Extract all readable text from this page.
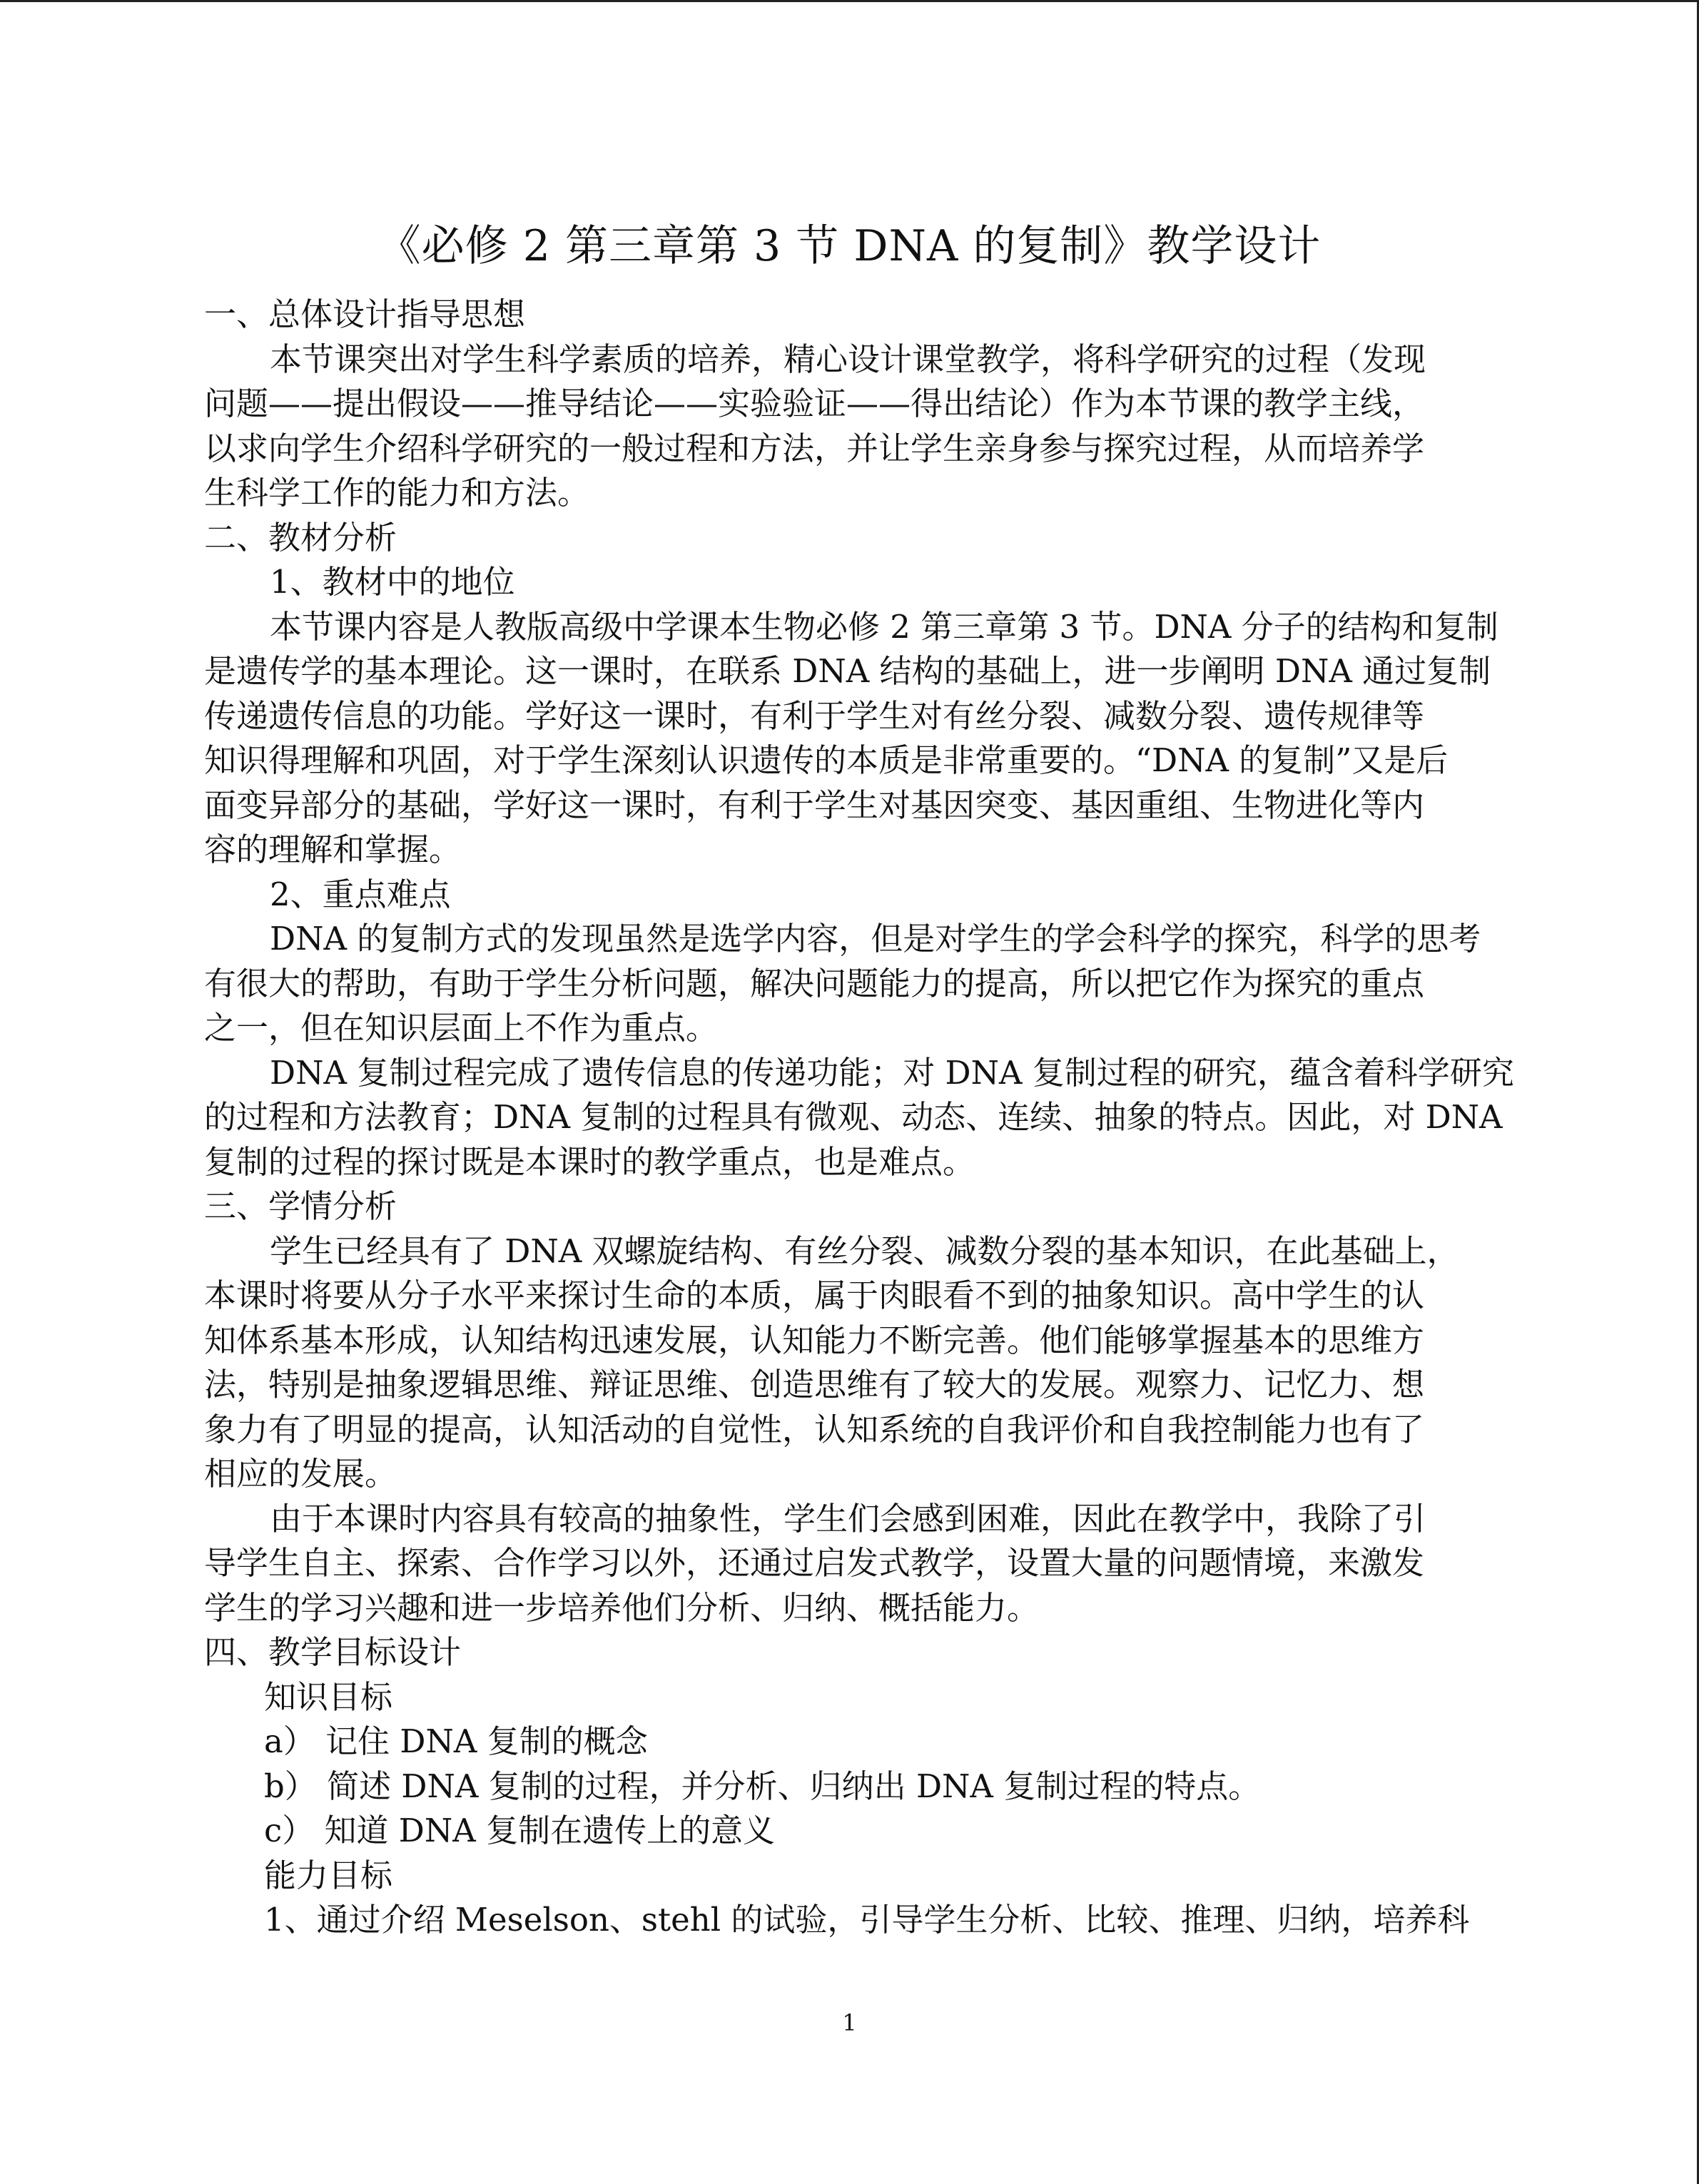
《必修 2 第三章第 3 节 DNA 的复制》教学设计
一、总体设计指导思想
本节课突出对学生科学素质的培养，精心设计课堂教学，将科学研究的过程（发现
问题——提出假设——推导结论——实验验证——得出结论）作为本节课的教学主线，
以求向学生介绍科学研究的一般过程和方法，并让学生亲身参与探究过程，从而培养学
生科学工作的能力和方法。
二、教材分析
1、教材中的地位
本节课内容是人教版高级中学课本生物必修 2 第三章第 3 节。DNA 分子的结构和复制
是遗传学的基本理论。这一课时，在联系 DNA 结构的基础上，进一步阐明 DNA 通过复制
传递遗传信息的功能。学好这一课时，有利于学生对有丝分裂、减数分裂、遗传规律等
知识得理解和巩固，对于学生深刻认识遗传的本质是非常重要的。“DNA 的复制”又是后
面变异部分的基础，学好这一课时，有利于学生对基因突变、基因重组、生物进化等内
容的理解和掌握。
2、重点难点
DNA 的复制方式的发现虽然是选学内容，但是对学生的学会科学的探究，科学的思考
有很大的帮助，有助于学生分析问题，解决问题能力的提高，所以把它作为探究的重点
之一，但在知识层面上不作为重点。
DNA 复制过程完成了遗传信息的传递功能；对 DNA 复制过程的研究，蕴含着科学研究
的过程和方法教育；DNA 复制的过程具有微观、动态、连续、抽象的特点。因此，对 DNA
复制的过程的探讨既是本课时的教学重点，也是难点。
三、学情分析
学生已经具有了 DNA 双螺旋结构、有丝分裂、减数分裂的基本知识，在此基础上，
本课时将要从分子水平来探讨生命的本质，属于肉眼看不到的抽象知识。高中学生的认
知体系基本形成，认知结构迅速发展，认知能力不断完善。他们能够掌握基本的思维方
法，特别是抽象逻辑思维、辩证思维、创造思维有了较大的发展。观察力、记忆力、想
象力有了明显的提高，认知活动的自觉性，认知系统的自我评价和自我控制能力也有了
相应的发展。
由于本课时内容具有较高的抽象性，学生们会感到困难，因此在教学中，我除了引
导学生自主、探索、合作学习以外，还通过启发式教学，设置大量的问题情境，来激发
学生的学习兴趣和进一步培养他们分析、归纳、概括能力。
四、教学目标设计
知识目标
a） 记住 DNA 复制的概念
b） 简述 DNA 复制的过程，并分析、归纳出 DNA 复制过程的特点。
c） 知道 DNA 复制在遗传上的意义
能力目标
1、通过介绍 Meselson、stehl 的试验，引导学生分析、比较、推理、归纳，培养科
1
